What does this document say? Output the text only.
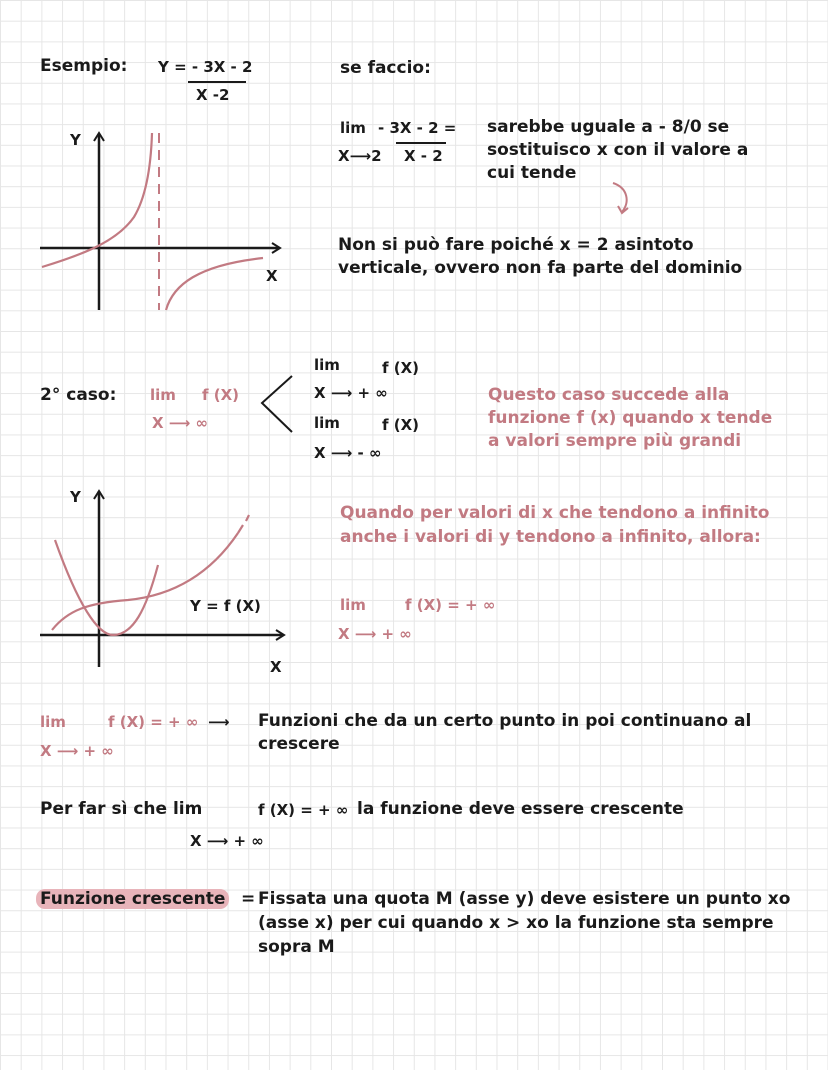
Esempio: Y = - 3X - 2
X -2
Y
X
se faccio:
lim
X⟶2
- 3X - 2 =
X - 2
sarebbe uguale a - 8/0 se
sostituisco x con il valore a
cui tende
Non si può fare poiché x = 2 asintoto
verticale, ovvero non fa parte del dominio
2° caso: lim f (X)
X ⟶ ∞
lim	f (X)
X ⟶ + ∞
lim	f (X)
X ⟶ - ∞
Questo caso succede alla
funzione f (x) quando x tende
a valori sempre più grandi
Y
Y = f (X)
X
Quando per valori di x che tendono a infinito
anche i valori di y tendono a infinito, allora:
lim	f (X) = + ∞
X ⟶ + ∞
lim	f (X) = + ∞
X ⟶ + ∞
⟶ Funzioni che da un certo punto in poi continuano al
crescere
Per far sì che lim	f (X) = + ∞ la funzione deve essere crescente
X ⟶ + ∞
Funzione crescente = Fissata una quota M (asse y) deve esistere un punto xo
(asse x) per cui quando x > xo la funzione sta sempre
sopra M
